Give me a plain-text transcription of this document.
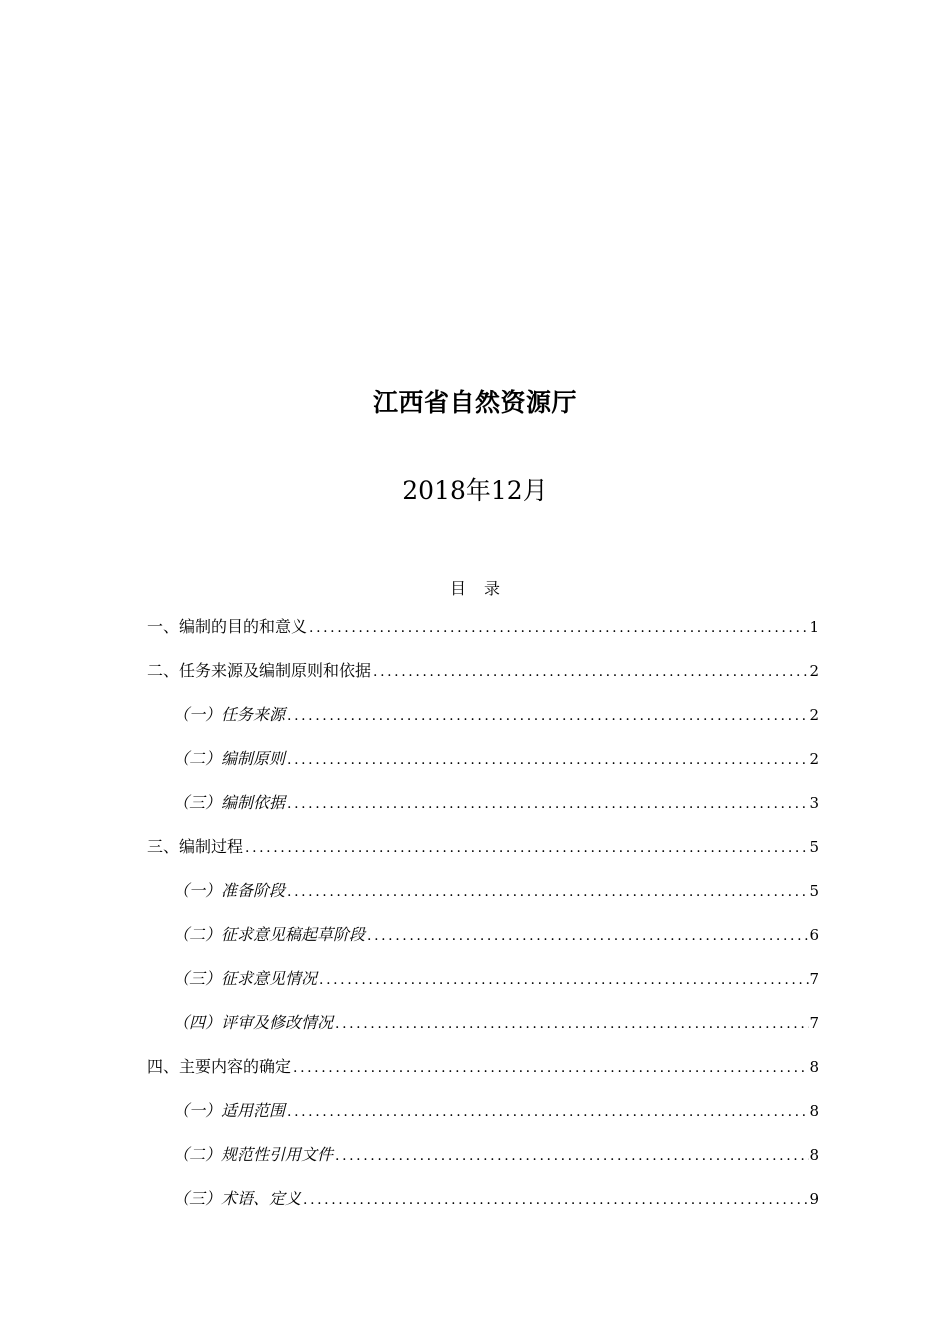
江西省自然资源厅
2018年12月
目 录
一、编制的目的和意义 .....	1
二、任务来源及编制原则和依据 .....	2
（一）任务来源 .....	2
（二）编制原则 .....	2
（三）编制依据 .....	3
三、编制过程 .....	5
（一）准备阶段 .....	5
（二）征求意见稿起草阶段 .....	6
（三）征求意见情况 .....	7
（四）评审及修改情况 .....	7
四、主要内容的确定 .....	8
（一）适用范围 .....	8
（二）规范性引用文件 .....	8
（三）术语、定义 .....	9
